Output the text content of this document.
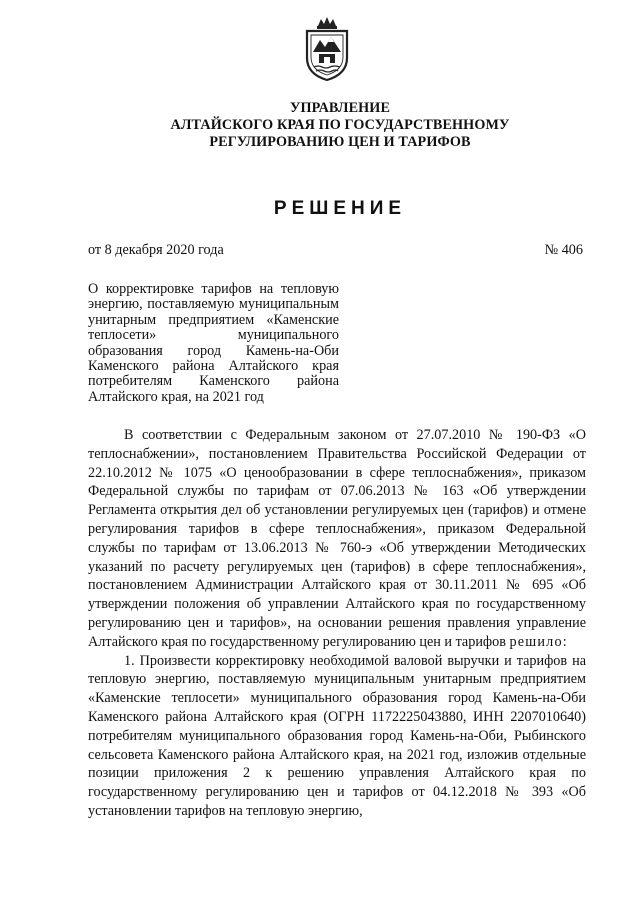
УПРАВЛЕНИЕ
АЛТАЙСКОГО КРАЯ ПО ГОСУДАРСТВЕННОМУ
РЕГУЛИРОВАНИЮ ЦЕН И ТАРИФОВ
РЕШЕНИЕ
от 8 декабря 2020 года	№ 406
О корректировке тарифов на тепловую энергию, поставляемую муниципальным унитарным предприятием «Каменские теплосети» муниципального образования город Камень-на-Оби Каменского района Алтайского края потребителям Каменского района Алтайского края, на 2021 год

В соответствии с Федеральным законом от 27.07.2010 № 190-ФЗ «О теплоснабжении», постановлением Правительства Российской Федерации от 22.10.2012 № 1075 «О ценообразовании в сфере теплоснабжения», приказом Федеральной службы по тарифам от 07.06.2013 № 163 «Об утверждении Регламента открытия дел об установлении регулируемых цен (тарифов) и отмене регулирования тарифов в сфере теплоснабжения», приказом Федеральной службы по тарифам от 13.06.2013 № 760-э «Об утверждении Методических указаний по расчету регулируемых цен (тарифов) в сфере теплоснабжения», постановлением Администрации Алтайского края от 30.11.2011 № 695 «Об утверждении положения об управлении Алтайского края по государственному регулированию цен и тарифов», на основании решения правления управление Алтайского края по государственному регулированию цен и тарифов решило:

1. Произвести корректировку необходимой валовой выручки и тарифов на тепловую энергию, поставляемую муниципальным унитарным предприятием «Каменские теплосети» муниципального образования город Камень-на-Оби Каменского района Алтайского края (ОГРН 1172225043880, ИНН 2207010640) потребителям муниципального образования город Камень-на-Оби, Рыбинского сельсовета Каменского района Алтайского края, на 2021 год, изложив отдельные позиции приложения 2 к решению управления Алтайского края по государственному регулированию цен и тарифов от 04.12.2018 № 393 «Об установлении тарифов на тепловую энергию,
